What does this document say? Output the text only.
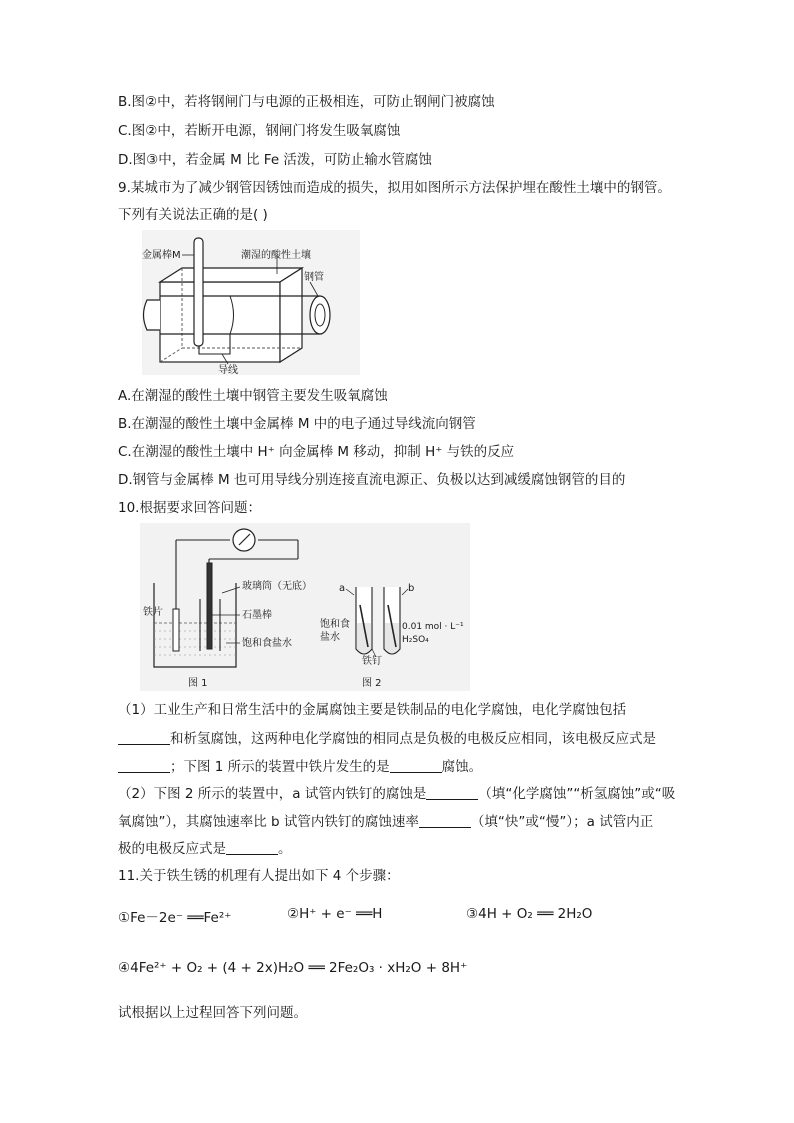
B.图②中，若将钢闸门与电源的正极相连，可防止钢闸门被腐蚀
C.图②中，若断开电源，钢闸门将发生吸氧腐蚀
D.图③中，若金属 M 比 Fe 活泼，可防止输水管腐蚀
9.某城市为了减少钢管因锈蚀而造成的损失，拟用如图所示方法保护埋在酸性土壤中的钢管。
下列有关说法正确的是( )
金属棒M	潮湿的酸性土壤
钢管
导线
A.在潮湿的酸性土壤中钢管主要发生吸氧腐蚀
B.在潮湿的酸性土壤中金属棒 M 中的电子通过导线流向钢管
C.在潮湿的酸性土壤中 H⁺ 向金属棒 M 移动，抑制 H⁺ 与铁的反应
D.钢管与金属棒 M 也可用导线分别连接直流电源正、负极以达到减缓腐蚀钢管的目的
10.根据要求回答问题：
玻璃筒（无底）
石墨棒
饱和食盐水
铁片
图 1
a	b
饱和食
盐水
0.01 mol · L⁻¹
H₂SO₄
铁钉
图 2
（1）工业生产和日常生活中的金属腐蚀主要是铁制品的电化学腐蚀，电化学腐蚀包括
和析氢腐蚀，这两种电化学腐蚀的相同点是负极的电极反应相同，该电极反应式是
；下图 1 所示的装置中铁片发生的是	腐蚀。
（2）下图 2 所示的装置中，a 试管内铁钉的腐蚀是	（填“化学腐蚀”“析氢腐蚀”或“吸
氧腐蚀”），其腐蚀速率比 b 试管内铁钉的腐蚀速率	（填“快”或“慢”）；a 试管内正
极的电极反应式是	。
11.关于铁生锈的机理有人提出如下 4 个步骤：
①Fe－2e⁻ ══Fe²⁺	②H⁺ + e⁻ ══H	③4H + O₂ ══ 2H₂O
④4Fe²⁺ + O₂ + (4 + 2x)H₂O ══ 2Fe₂O₃ · xH₂O + 8H⁺
试根据以上过程回答下列问题。
